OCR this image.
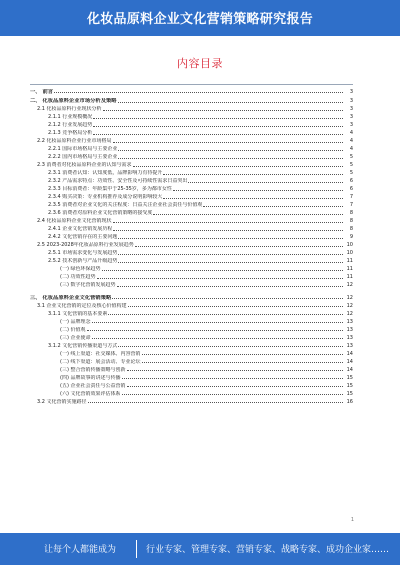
化妆品原料企业文化营销策略研究报告
内容目录
一、 前言	3
二、 化妆品原料企业市场分析及策略	3
2.1 化妆品原料行业现状分析	3
2.1.1 行业规模概况	3
2.1.2 行业发展趋势	3
2.1.3 竞争格局分析	4
2.2 化妆品原料企业行业市场格局	4
2.2.1 国际市场格局与主要企业	4
2.2.2 国内市场格局与主要企业	5
2.3 消费者对化妆品原料企业的认知与需求	5
2.3.1 消费者认知：认知度低，品牌影响力有待提升	5
2.3.2 产品需求特点：功效性、安全性及可持续性需求日益突出	6
2.3.3 目标消费者：年龄集中于25-35岁，多为都市女性	6
2.3.4 购买决策：专业机构推荐及成分说明影响较大	7
2.3.5 消费者对企业文化的关注程度：日益关注企业社会责任与价值观	7
2.3.6 消费者对原料企业文化营销策略的接受度	8
2.4 化妆品原料企业文化营销现状	8
2.4.1 企业文化营销发展历程	8
2.4.2 文化营销存在的主要问题	9
2.5 2023-2028年化妆品原料行业发展趋势	10
2.5.1 市场需求变化与发展趋势	10
2.5.2 技术创新与产品升级趋势	11
(一) 绿色环保趋势	11
(二) 功效性趋势	11
(三) 数字化营销发展趋势	12
三、 化妆品原料企业文化营销策略	12
3.1 企业文化营销的定位及核心价值构建	12
3.1.1 文化营销的基本要素	12
(一) 品牌理念	13
(二) 价值观	13
(三) 企业使命	13
3.1.2 文化营销传播渠道与方式	13
(一) 线上渠道：社交媒体、内容营销	14
(二) 线下渠道：展会活动、专业论坛	14
(三) 整合营销传播策略与创新	14
(四) 品牌故事的讲述与传播	15
(五) 企业社会责任与公益营销	15
(六) 文化营销效果评估体系	15
3.2 文化营销实施路径	16
1
让每个人都能成为	行业专家、管理专家、营销专家、战略专家、成功企业家……
